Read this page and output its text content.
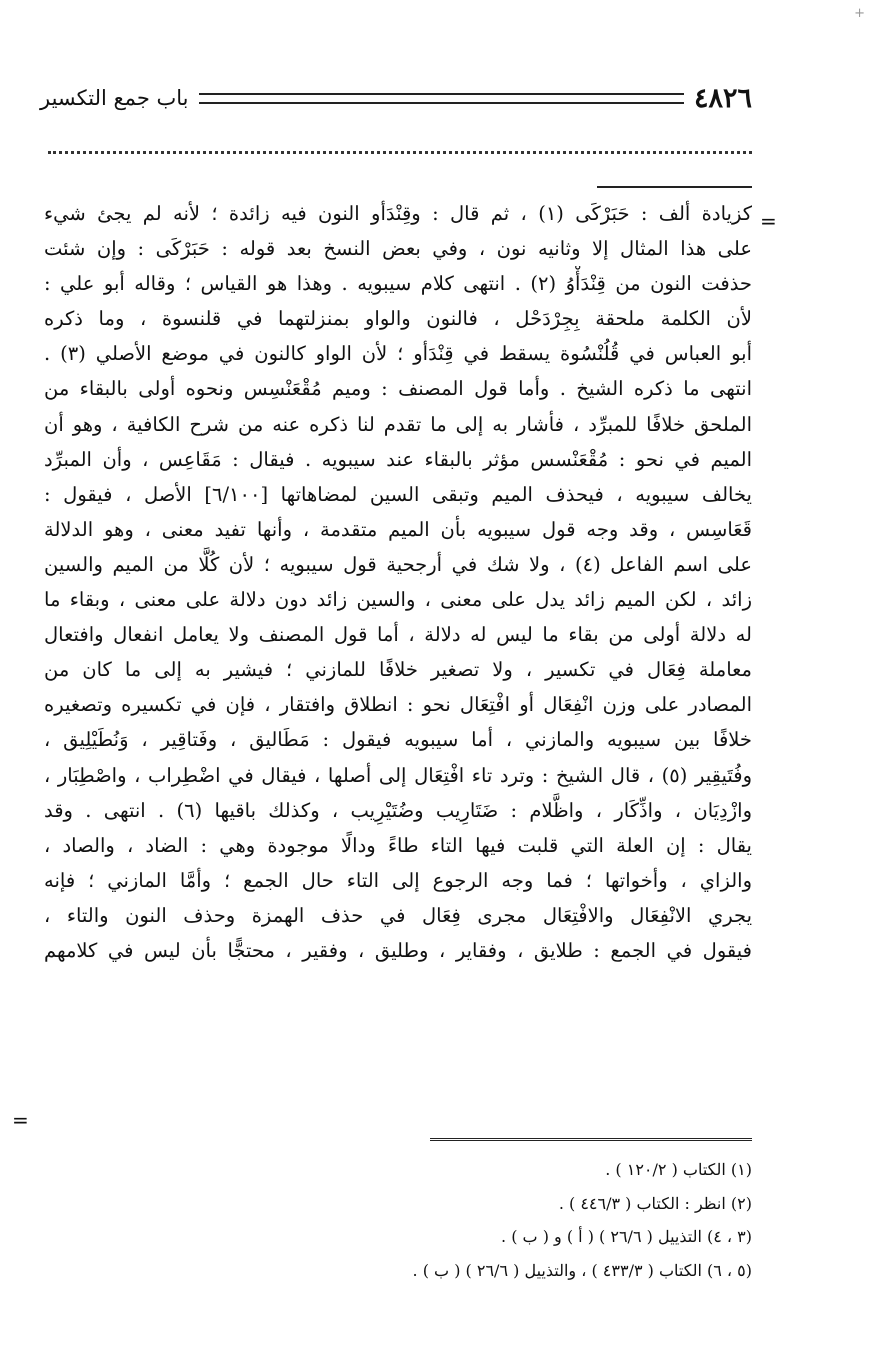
+
٤٨٢٦
باب جمع التكسير
=
كزيادة ألف : حَبَرْكَى (١) ، ثم قال : وقِنْدَأو النون فيه زائدة ؛ لأنه لم يجئ شيء
على هذا المثال إلا وثانيه نون ، وفي بعض النسخ بعد قوله : حَبَرْكَى : وإن شئت
حذفت النون من قِنْدَأْوُ (٢) . انتهى كلام سيبويه . وهذا هو القياس ؛ وقاله أبو علي :
لأن الكلمة ملحقة بِجِرْدَحْل ، فالنون والواو بمنزلتهما في قلنسوة ، وما ذكره
أبو العباس في قُلُنْسُوة يسقط في قِنْدَأو ؛ لأن الواو كالنون في موضع الأصلي (٣) .
انتهى ما ذكره الشيخ . وأما قول المصنف : وميم مُقْعَنْسِس ونحوه أولى بالبقاء من
الملحق خلافًا للمبرِّد ، فأشار به إلى ما تقدم لنا ذكره عنه من شرح الكافية ، وهو أن
الميم في نحو : مُقْعَنْسس مؤثر بالبقاء عند سيبويه . فيقال : مَقَاعِس ، وأن المبرِّد
يخالف سيبويه ، فيحذف الميم وتبقى السين لمضاهاتها [٦/١٠٠] الأصل ، فيقول :
قَعَاسِس ، وقد وجه قول سيبويه بأن الميم متقدمة ، وأنها تفيد معنى ، وهو الدلالة
على اسم الفاعل (٤) ، ولا شك في أرجحية قول سيبويه ؛ لأن كُلًّا من الميم والسين
زائد ، لكن الميم زائد يدل على معنى ، والسين زائد دون دلالة على معنى ، وبقاء ما
له دلالة أولى من بقاء ما ليس له دلالة ، أما قول المصنف ولا يعامل انفعال وافتعال
معاملة فِعَال في تكسير ، ولا تصغير خلافًا للمازني ؛ فيشير به إلى ما كان من
المصادر على وزن انْفِعَال أو افْتِعَال نحو : انطلاق وافتقار ، فإن في تكسيره وتصغيره
خلافًا بين سيبويه والمازني ، أما سيبويه فيقول : مَطَاليق ، وفَتاقِير ، وَنُطَيْلِيق ،
وفُتَيقِير (٥) ، قال الشيخ : وترد تاء افْتِعَال إلى أصلها ، فيقال في اضْطِراب ، واصْطِبَار ،
وازْدِيَان ، واذِّكَار ، واظَّلام : ضَتَارِيب وضُتَيْرِيب ، وكذلك باقيها (٦) . انتهى . وقد
يقال : إن العلة التي قلبت فيها التاء طاءً ودالًا موجودة وهي : الضاد ، والصاد ،
والزاي ، وأخواتها ؛ فما وجه الرجوع إلى التاء حال الجمع ؛ وأمَّا المازني ؛ فإنه
يجري الانْفِعَال والافْتِعَال مجرى فِعَال في حذف الهمزة وحذف النون والتاء ،
فيقول في الجمع : طلايق ، وفقاير ، وطليق ، وفقير ، محتجًّا بأن ليس في كلامهم
=
(١) الكتاب ( ١٢٠/٢ ) .
(٢) انظر : الكتاب ( ٤٤٦/٣ ) .
(٣ ، ٤) التذييل ( ٢٦/٦ ) ( أ ) و ( ب ) .
(٥ ، ٦) الكتاب ( ٤٣٣/٣ ) ، والتذييل ( ٢٦/٦ ) ( ب ) .
